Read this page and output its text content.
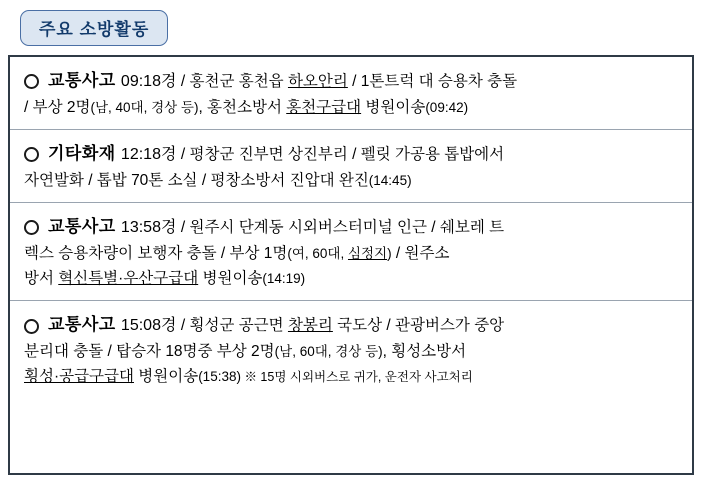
주요 소방활동
교통사고 09:18경 / 홍천군 홍천읍 하오안리 / 1톤트럭 대 승용차 충돌
/ 부상 2명(남, 40대, 경상 등), 홍천소방서 홍천구급대 병원이송(09:42)
기타화재 12:18경 / 평창군 진부면 상진부리 / 펠릿 가공용 톱밥에서
자연발화 / 톱밥 70톤 소실 / 평창소방서 진압대 완진(14:45)
교통사고 13:58경 / 원주시 단계동 시외버스터미널 인근 / 쉐보레 트
렉스 승용차량이 보행자 충돌 / 부상 1명(여, 60대, 심정지) / 원주소
방서 혁신특별·우산구급대 병원이송(14:19)
교통사고 15:08경 / 횡성군 공근면 창봉리 국도상 / 관광버스가 중앙
분리대 충돌 / 탑승자 18명중 부상 2명(남, 60대, 경상 등), 횡성소방서
횡성·공급구급대 병원이송(15:38) ※ 15명 시외버스로 귀가, 운전자 사고처리
